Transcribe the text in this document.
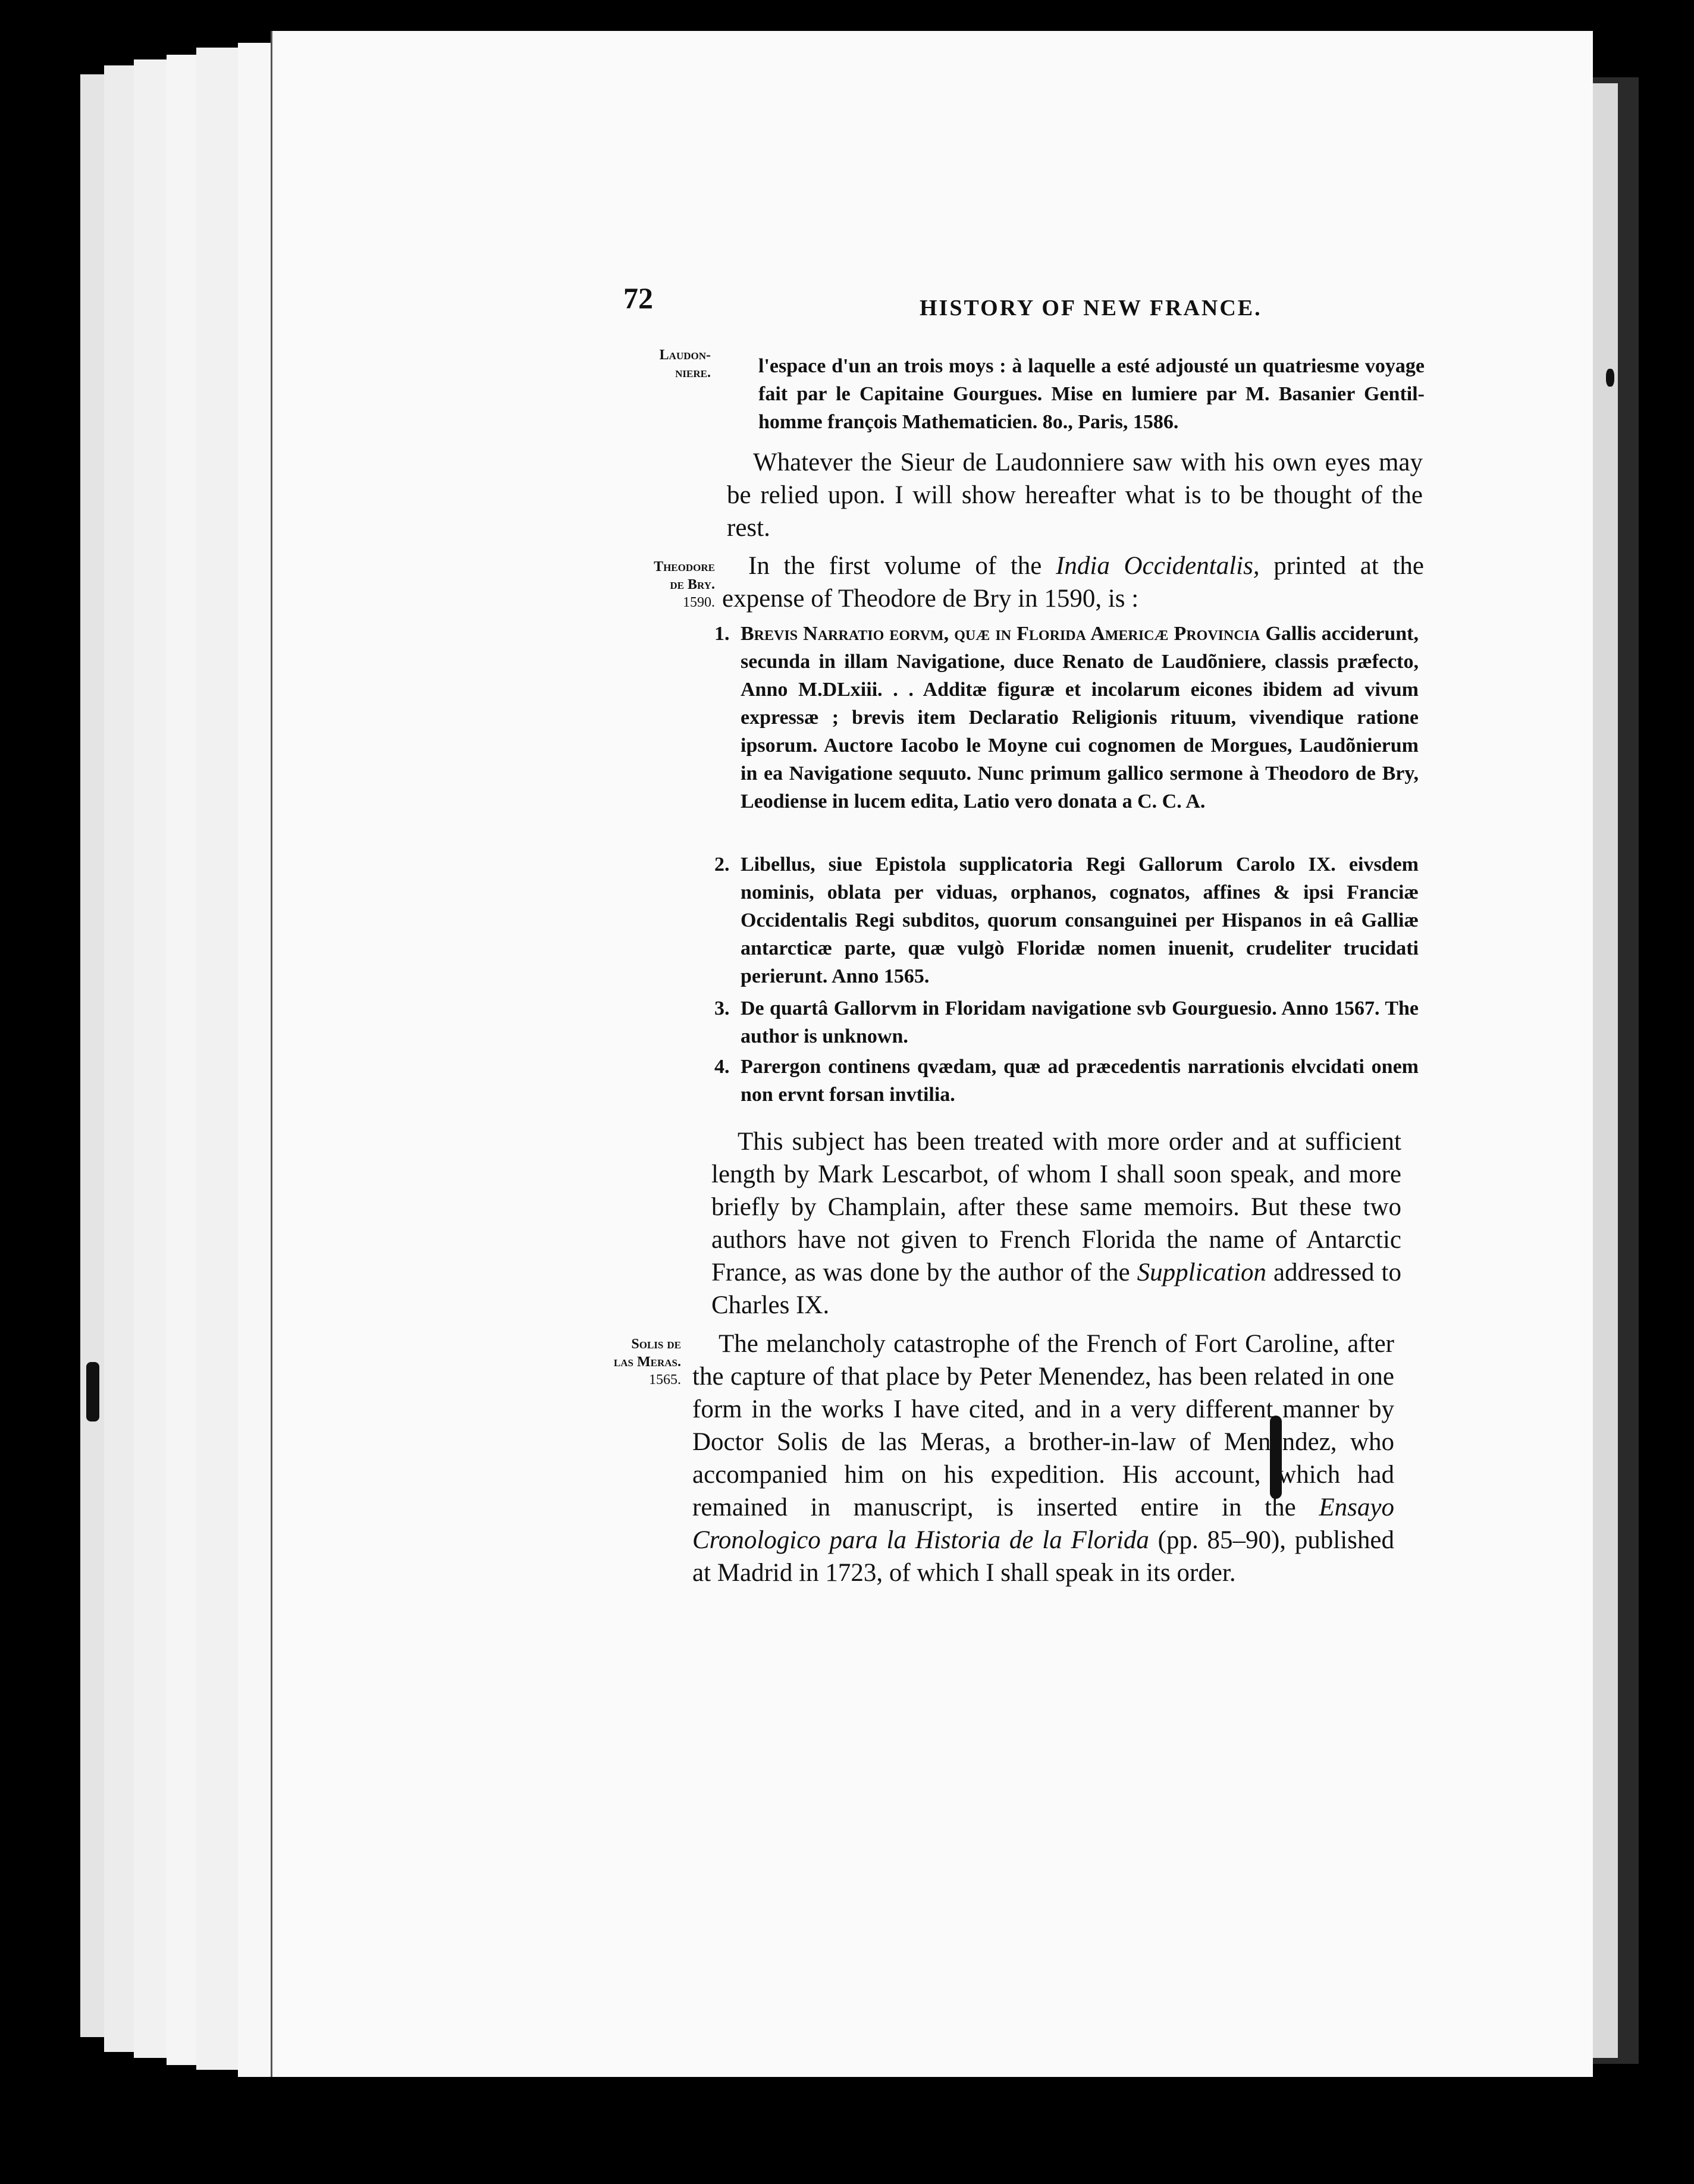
72	HISTORY OF NEW FRANCE.
Laudon-
niere.
Theodore
de Bry.
1590.
Solis de
las Meras.
1565.
l'espace d'un an trois moys : à laquelle a esté adjousté un quatriesme voyage fait par le Capitaine Gourgues. Mise en lumiere par M. Basanier Gentil-homme françois Mathematicien. 8o., Paris, 1586.
Whatever the Sieur de Laudonniere saw with his own eyes may be relied upon. I will show hereafter what is to be thought of the rest.
In the first volume of the India Occidentalis, printed at the expense of Theodore de Bry in 1590, is :
1. Brevis Narratio eorvm, quæ in Florida Americæ Provincia Gallis acciderunt, secunda in illam Navigatione, duce Renato de Laudõniere, classis præfecto, Anno M.DLxiii. . . Additæ figuræ et incolarum eicones ibidem ad vivum expressæ ; brevis item Declaratio Religionis rituum, vivendique ratione ipsorum. Auctore Iacobo le Moyne cui cognomen de Morgues, Laudõnierum in ea Navigatione sequuto. Nunc primum gallico sermone à Theodoro de Bry, Leodiense in lucem edita, Latio vero donata a C. C. A.
2. Libellus, siue Epistola supplicatoria Regi Gallorum Carolo IX. eivsdem nominis, oblata per viduas, orphanos, cognatos, affines & ipsi Franciæ Occidentalis Regi subditos, quorum consanguinei per Hispanos in eâ Galliæ antarcticæ parte, quæ vulgò Floridæ nomen inuenit, crudeliter trucidati perierunt. Anno 1565.
3. De quartâ Gallorvm in Floridam navigatione svb Gourguesio. Anno 1567. The author is unknown.
4. Parergon continens qvædam, quæ ad præcedentis narrationis elvcidati onem non ervnt forsan invtilia.
This subject has been treated with more order and at sufficient length by Mark Lescarbot, of whom I shall soon speak, and more briefly by Champlain, after these same memoirs. But these two authors have not given to French Florida the name of Antarctic France, as was done by the author of the Supplication addressed to Charles IX.
The melancholy catastrophe of the French of Fort Caroline, after the capture of that place by Peter Menendez, has been related in one form in the works I have cited, and in a very different manner by Doctor Solis de las Meras, a brother-in-law of Menendez, who accompanied him on his expedition. His account, which had remained in manuscript, is inserted entire in the Ensayo Cronologico para la Historia de la Florida (pp. 85–90), published at Madrid in 1723, of which I shall speak in its order.
